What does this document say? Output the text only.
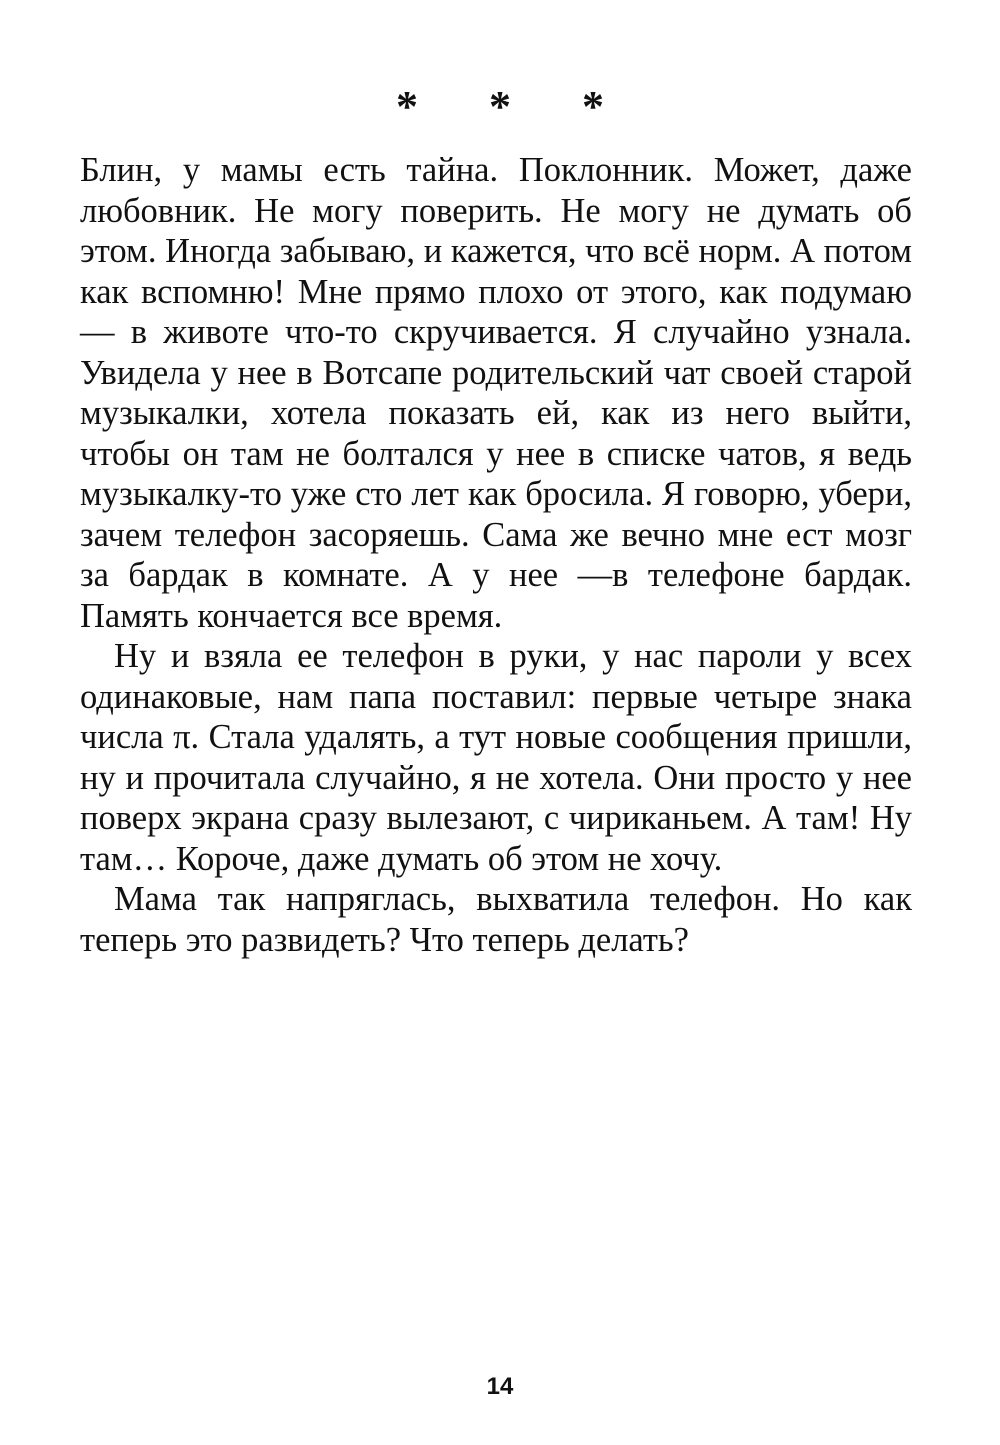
* * *

Блин, у мамы есть тайна. Поклонник. Может, даже любовник. Не могу поверить. Не могу не думать об этом. Иногда забываю, и кажется, что всё норм. А потом как вспомню! Мне прямо плохо от этого, как подумаю — в животе что-то скручивается. Я случайно узнала. Увидела у нее в Вотсапе родительский чат своей старой музыкалки, хотела показать ей, как из него выйти, чтобы он там не болтался у нее в списке чатов, я ведь музыкалку-то уже сто лет как бросила. Я говорю, убери, зачем телефон засоряешь. Сама же вечно мне ест мозг за бардак в комнате. А у нее —в телефоне бардак. Память кончается все время.

Ну и взяла ее телефон в руки, у нас пароли у всех одинаковые, нам папа поставил: первые четыре знака числа π. Стала удалять, а тут новые сообщения пришли, ну и прочитала случайно, я не хотела. Они просто у нее поверх экрана сразу вылезают, с чириканьем. А там! Ну там… Короче, даже думать об этом не хочу.

Мама так напряглась, выхватила телефон. Но как теперь это развидеть? Что теперь делать?

14
